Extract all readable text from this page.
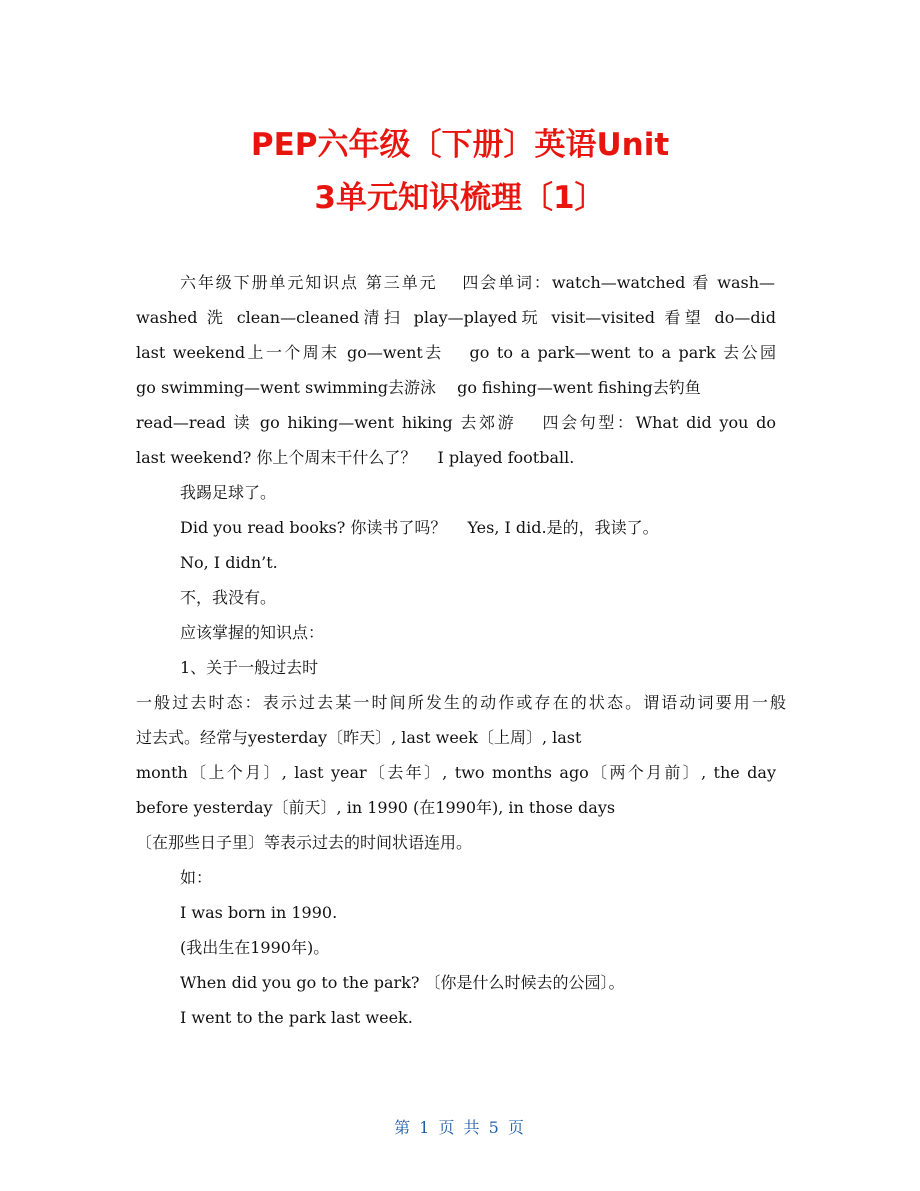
PEP六年级〔下册〕英语Unit
3单元知识梳理〔1〕
六年级下册单元知识点 第三单元　 四会单词：watch—watched 看 wash—
washed 洗 clean—cleaned清扫 play—played玩 visit—visited 看望 do—did
last weekend上一个周末 go—went去　 go to a park—went to a park 去公园
go swimming—went swimming去游泳　 go fishing—went fishing去钓鱼
read—read 读 go hiking—went hiking 去郊游　 四会句型：What did you do
last weekend? 你上个周末干什么了？　 I played football.
我踢足球了。
Did you read books? 你读书了吗？　 Yes, I did.是的，我读了。
No, I didn’t.
不，我没有。
应该掌握的知识点：
1、关于一般过去时
一般过去时态：表示过去某一时间所发生的动作或存在的状态。谓语动词要用一般
过去式。经常与yesterday〔昨天〕, last week〔上周〕, last
month〔上个月〕, last year〔去年〕, two months ago〔两个月前〕, the day
before yesterday〔前天〕, in 1990 (在1990年), in those days
〔在那些日子里〕等表示过去的时间状语连用。
如：
I was born in 1990.
(我出生在1990年)。
When did you go to the park? 〔你是什么时候去的公园〕。
I went to the park last week.
第 1 页 共 5 页
